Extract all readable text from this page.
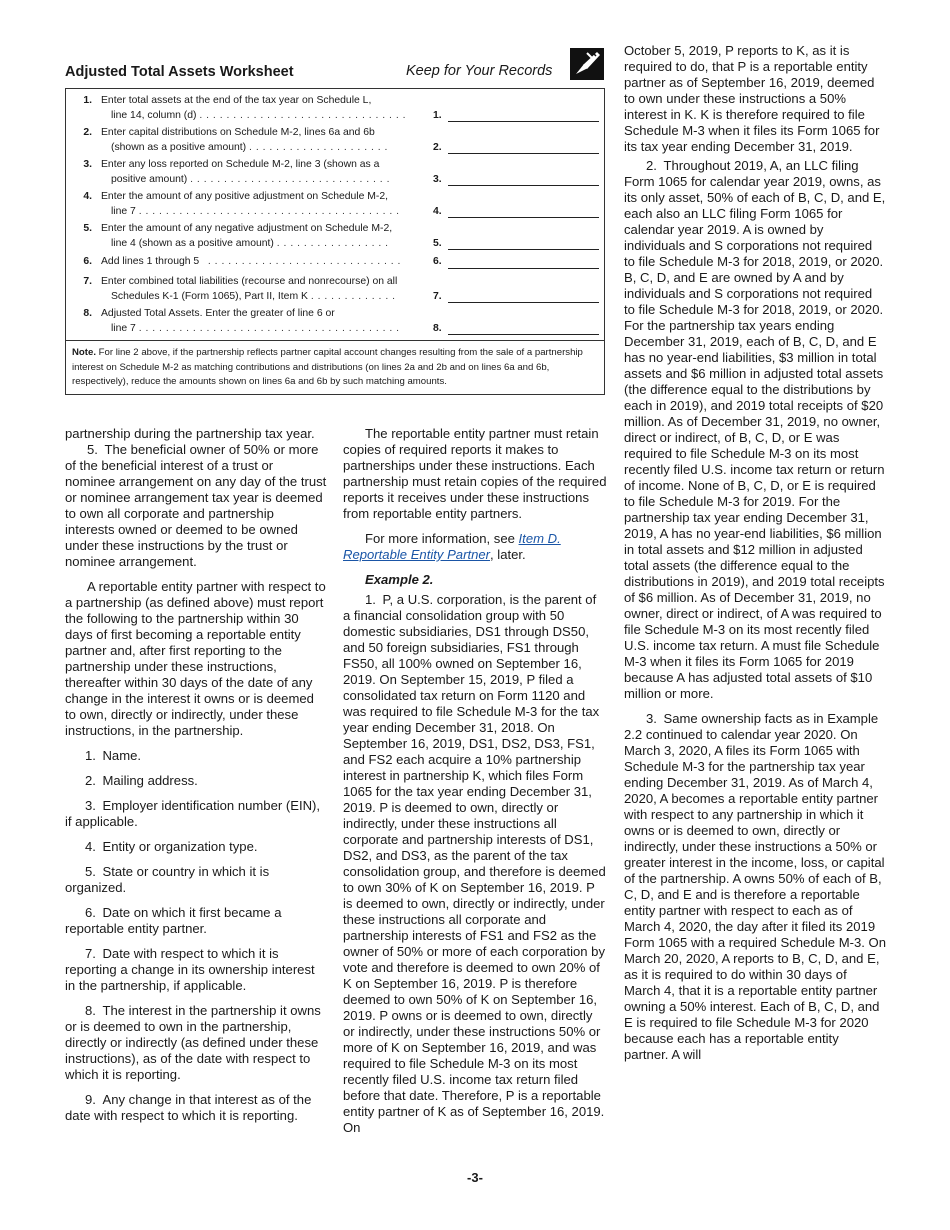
Adjusted Total Assets Worksheet	Keep for Your Records
1. Enter total assets at the end of the tax year on Schedule L,
line 14, column (d) . . . . . . . . . . . . . . . . . . . . . . . . . . . . . . .	1.
2. Enter capital distributions on Schedule M-2, lines 6a and 6b
(shown as a positive amount) . . . . . . . . . . . . . . . . . . . . .	2.
3. Enter any loss reported on Schedule M-2, line 3 (shown as a
positive amount) . . . . . . . . . . . . . . . . . . . . . . . . . . . . . .	3.
4. Enter the amount of any positive adjustment on Schedule M-2,
line 7 . . . . . . . . . . . . . . . . . . . . . . . . . . . . . . . . . . . . . . .	4.
5. Enter the amount of any negative adjustment on Schedule M-2,
line 4 (shown as a positive amount) . . . . . . . . . . . . . . . . .	5.
6. Add lines 1 through 5 . . . . . . . . . . . . . . . . . . . . . . . . . . . . .	6.
7. Enter combined total liabilities (recourse and nonrecourse) on all
Schedules K-1 (Form 1065), Part II, Item K . . . . . . . . . . . . .	7.
8. Adjusted Total Assets. Enter the greater of line 6 or
line 7 . . . . . . . . . . . . . . . . . . . . . . . . . . . . . . . . . . . . . . .	8.
Note. For line 2 above, if the partnership reflects partner capital account changes resulting from the sale of a partnership interest on Schedule M-2 as matching contributions and distributions (on lines 2a and 2b and on lines 6a and 6b, respectively), reduce the amounts shown on lines 6a and 6b by such matching amounts.

partnership during the partnership tax year.

5. The beneficial owner of 50% or more of the beneficial interest of a trust or nominee arrangement on any day of the trust or nominee arrangement tax year is deemed to own all corporate and partnership interests owned or deemed to be owned under these instructions by the trust or nominee arrangement.

A reportable entity partner with respect to a partnership (as defined above) must report the following to the partnership within 30 days of first becoming a reportable entity partner and, after first reporting to the partnership under these instructions, thereafter within 30 days of the date of any change in the interest it owns or is deemed to own, directly or indirectly, under these instructions, in the partnership.

1. Name.

2. Mailing address.

3. Employer identification number (EIN), if applicable.

4. Entity or organization type.

5. State or country in which it is organized.

6. Date on which it first became a reportable entity partner.

7. Date with respect to which it is reporting a change in its ownership interest in the partnership, if applicable.

8. The interest in the partnership it owns or is deemed to own in the partnership, directly or indirectly (as defined under these instructions), as of the date with respect to which it is reporting.

9. Any change in that interest as of the date with respect to which it is reporting.

The reportable entity partner must retain copies of required reports it makes to partnerships under these instructions. Each partnership must retain copies of the required reports it receives under these instructions from reportable entity partners.

For more information, see Item D. Reportable Entity Partner, later.

Example 2.

1. P, a U.S. corporation, is the parent of a financial consolidation group with 50 domestic subsidiaries, DS1 through DS50, and 50 foreign subsidiaries, FS1 through FS50, all 100% owned on September 16, 2019. On September 15, 2019, P filed a consolidated tax return on Form 1120 and was required to file Schedule M-3 for the tax year ending December 31, 2018. On September 16, 2019, DS1, DS2, DS3, FS1, and FS2 each acquire a 10% partnership interest in partnership K, which files Form 1065 for the tax year ending December 31, 2019. P is deemed to own, directly or indirectly, under these instructions all corporate and partnership interests of DS1, DS2, and DS3, as the parent of the tax consolidation group, and therefore is deemed to own 30% of K on September 16, 2019. P is deemed to own, directly or indirectly, under these instructions all corporate and partnership interests of FS1 and FS2 as the owner of 50% or more of each corporation by vote and therefore is deemed to own 20% of K on September 16, 2019. P is therefore deemed to own 50% of K on September 16, 2019. P owns or is deemed to own, directly or indirectly, under these instructions 50% or more of K on September 16, 2019, and was required to file Schedule M-3 on its most recently filed U.S. income tax return filed before that date. Therefore, P is a reportable entity partner of K as of September 16, 2019. On

October 5, 2019, P reports to K, as it is required to do, that P is a reportable entity partner as of September 16, 2019, deemed to own under these instructions a 50% interest in K. K is therefore required to file Schedule M-3 when it files its Form 1065 for its tax year ending December 31, 2019.

2. Throughout 2019, A, an LLC filing Form 1065 for calendar year 2019, owns, as its only asset, 50% of each of B, C, D, and E, each also an LLC filing Form 1065 for calendar year 2019. A is owned by individuals and S corporations not required to file Schedule M-3 for 2018, 2019, or 2020. B, C, D, and E are owned by A and by individuals and S corporations not required to file Schedule M-3 for 2018, 2019, or 2020. For the partnership tax years ending December 31, 2019, each of B, C, D, and E has no year-end liabilities, $3 million in total assets and $6 million in adjusted total assets (the difference equal to the distributions by each in 2019), and 2019 total receipts of $20 million. As of December 31, 2019, no owner, direct or indirect, of B, C, D, or E was required to file Schedule M-3 on its most recently filed U.S. income tax return or return of income. None of B, C, D, or E is required to file Schedule M-3 for 2019. For the partnership tax year ending December 31, 2019, A has no year-end liabilities, $6 million in total assets and $12 million in adjusted total assets (the difference equal to the distributions in 2019), and 2019 total receipts of $6 million. As of December 31, 2019, no owner, direct or indirect, of A was required to file Schedule M-3 on its most recently filed U.S. income tax return. A must file Schedule M-3 when it files its Form 1065 for 2019 because A has adjusted total assets of $10 million or more.

3. Same ownership facts as in Example 2.2 continued to calendar year 2020. On March 3, 2020, A files its Form 1065 with Schedule M-3 for the partnership tax year ending December 31, 2019. As of March 4, 2020, A becomes a reportable entity partner with respect to any partnership in which it owns or is deemed to own, directly or indirectly, under these instructions a 50% or greater interest in the income, loss, or capital of the partnership. A owns 50% of each of B, C, D, and E and is therefore a reportable entity partner with respect to each as of March 4, 2020, the day after it filed its 2019 Form 1065 with a required Schedule M-3. On March 20, 2020, A reports to B, C, D, and E, as it is required to do within 30 days of March 4, that it is a reportable entity partner owning a 50% interest. Each of B, C, D, and E is required to file Schedule M-3 for 2020 because each has a reportable entity partner. A will

-3-
